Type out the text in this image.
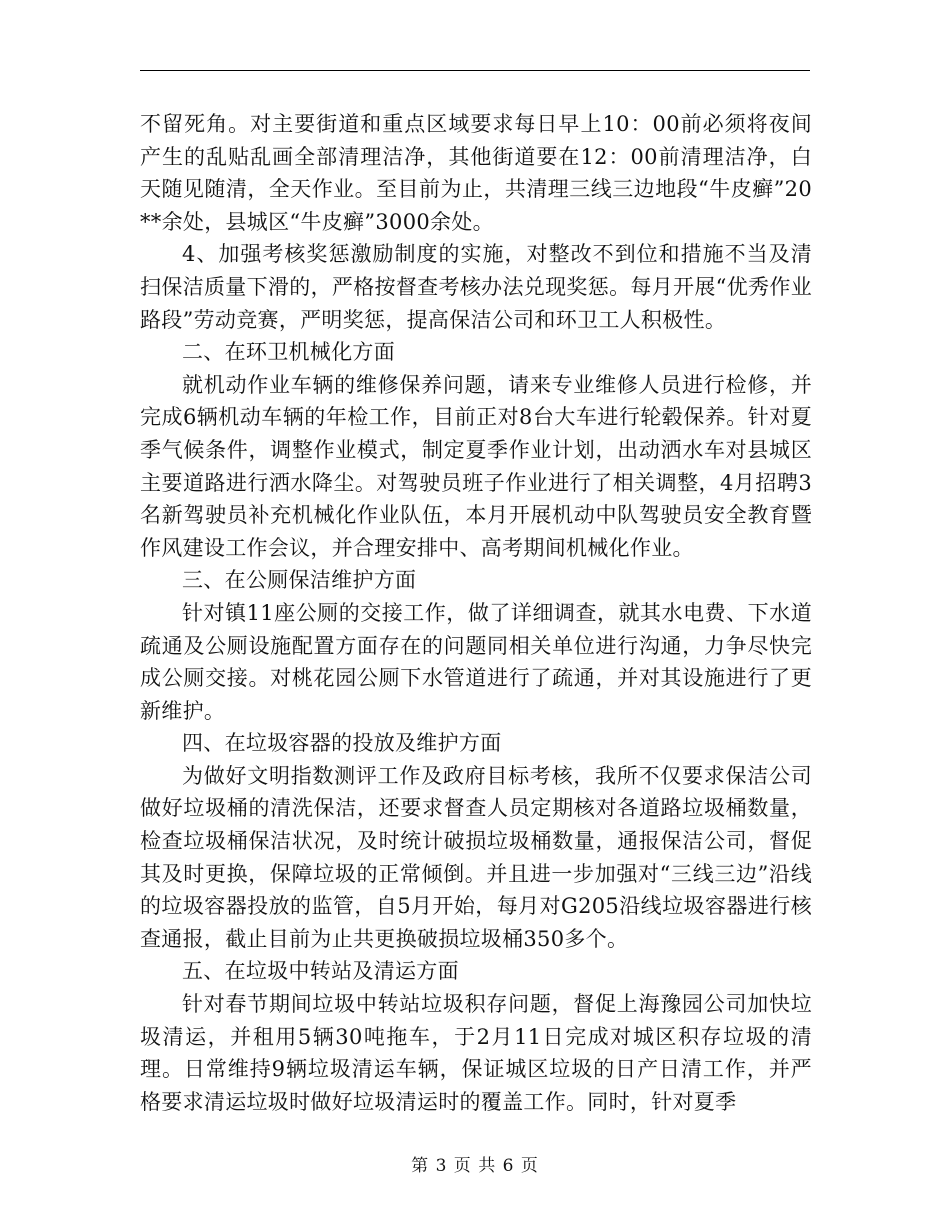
不留死角。对主要街道和重点区域要求每日早上10：00前必须将夜间产生的乱贴乱画全部清理洁净，其他街道要在12：00前清理洁净，白天随见随清，全天作业。至目前为止，共清理三线三边地段“牛皮癣”20**余处，县城区“牛皮癣”3000余处。

4、加强考核奖惩激励制度的实施，对整改不到位和措施不当及清扫保洁质量下滑的，严格按督查考核办法兑现奖惩。每月开展“优秀作业路段”劳动竞赛，严明奖惩，提高保洁公司和环卫工人积极性。

二、在环卫机械化方面

就机动作业车辆的维修保养问题，请来专业维修人员进行检修，并完成6辆机动车辆的年检工作，目前正对8台大车进行轮毂保养。针对夏季气候条件，调整作业模式，制定夏季作业计划，出动洒水车对县城区主要道路进行洒水降尘。对驾驶员班子作业进行了相关调整，4月招聘3名新驾驶员补充机械化作业队伍，本月开展机动中队驾驶员安全教育暨作风建设工作会议，并合理安排中、高考期间机械化作业。

三、在公厕保洁维护方面

针对镇11座公厕的交接工作，做了详细调查，就其水电费、下水道疏通及公厕设施配置方面存在的问题同相关单位进行沟通，力争尽快完成公厕交接。对桃花园公厕下水管道进行了疏通，并对其设施进行了更新维护。

四、在垃圾容器的投放及维护方面

为做好文明指数测评工作及政府目标考核，我所不仅要求保洁公司做好垃圾桶的清洗保洁，还要求督查人员定期核对各道路垃圾桶数量，检查垃圾桶保洁状况，及时统计破损垃圾桶数量，通报保洁公司，督促其及时更换，保障垃圾的正常倾倒。并且进一步加强对“三线三边”沿线的垃圾容器投放的监管，自5月开始，每月对G205沿线垃圾容器进行核查通报，截止目前为止共更换破损垃圾桶350多个。

五、在垃圾中转站及清运方面

针对春节期间垃圾中转站垃圾积存问题，督促上海豫园公司加快垃圾清运，并租用5辆30吨拖车，于2月11日完成对城区积存垃圾的清理。日常维持9辆垃圾清运车辆，保证城区垃圾的日产日清工作，并严格要求清运垃圾时做好垃圾清运时的覆盖工作。同时，针对夏季

第 3 页 共 6 页
